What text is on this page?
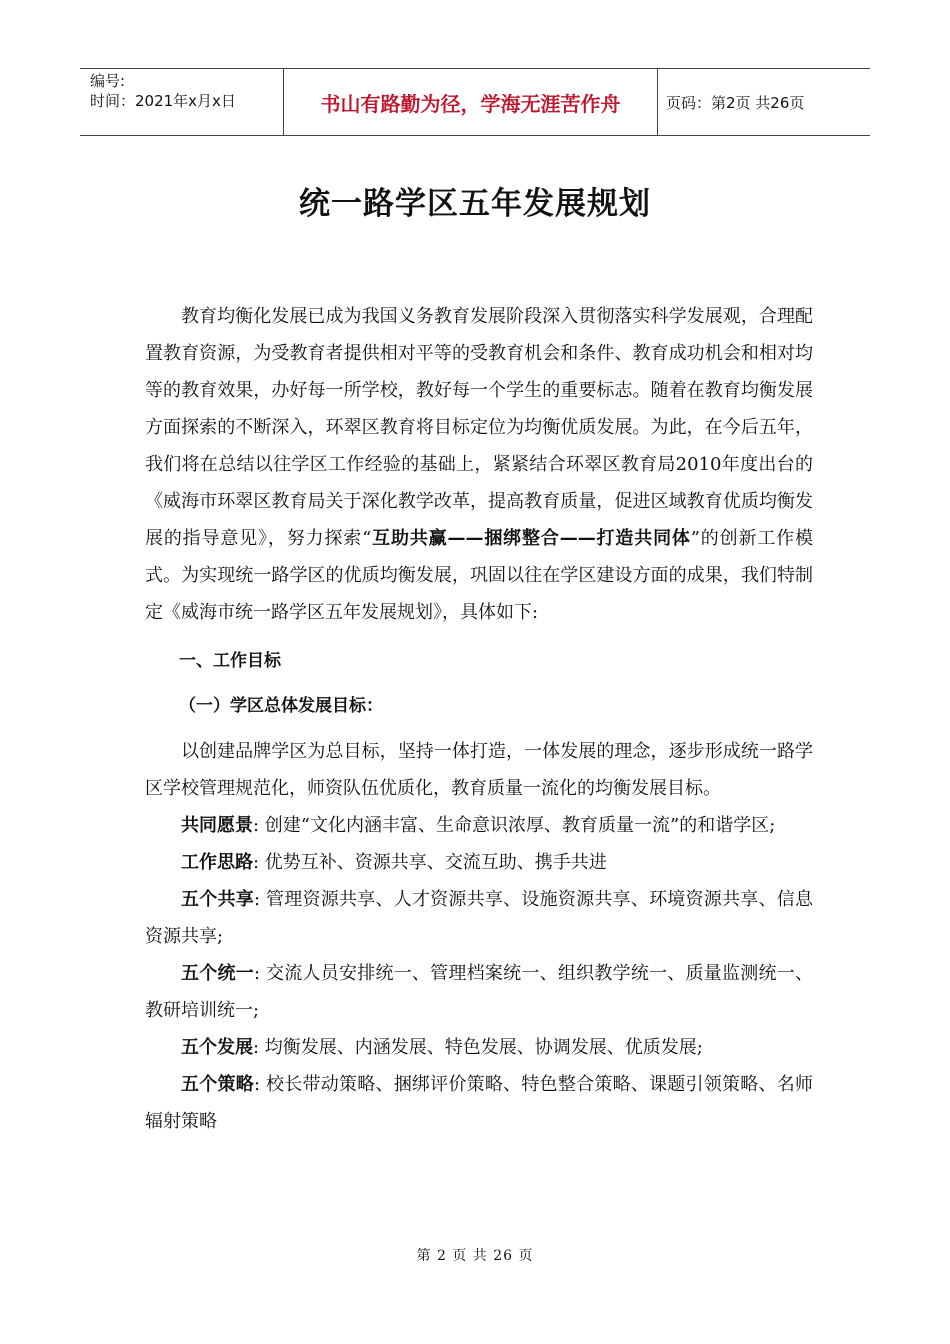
编号:
时间：2021年x月x日	书山有路勤为径，学海无涯苦作舟	页码：第2页 共26页
统一路学区五年发展规划

教育均衡化发展已成为我国义务教育发展阶段深入贯彻落实科学发展观，合理配置教育资源，为受教育者提供相对平等的受教育机会和条件、教育成功机会和相对均等的教育效果，办好每一所学校，教好每一个学生的重要标志。随着在教育均衡发展方面探索的不断深入，环翠区教育将目标定位为均衡优质发展。为此，在今后五年，我们将在总结以往学区工作经验的基础上，紧紧结合环翠区教育局2010年度出台的《威海市环翠区教育局关于深化教学改革，提高教育质量，促进区域教育优质均衡发展的指导意见》，努力探索“互助共赢——捆绑整合——打造共同体”的创新工作模式。为实现统一路学区的优质均衡发展，巩固以往在学区建设方面的成果，我们特制定《威海市统一路学区五年发展规划》，具体如下:

一、工作目标

（一）学区总体发展目标：

以创建品牌学区为总目标，坚持一体打造，一体发展的理念，逐步形成统一路学区学校管理规范化，师资队伍优质化，教育质量一流化的均衡发展目标。

共同愿景: 创建“文化内涵丰富、生命意识浓厚、教育质量一流”的和谐学区;

工作思路: 优势互补、资源共享、交流互助、携手共进

五个共享: 管理资源共享、人才资源共享、设施资源共享、环境资源共享、信息资源共享;

五个统一: 交流人员安排统一、管理档案统一、组织教学统一、质量监测统一、教研培训统一;

五个发展: 均衡发展、内涵发展、特色发展、协调发展、优质发展;

五个策略: 校长带动策略、捆绑评价策略、特色整合策略、课题引领策略、名师辐射策略

第 2 页 共 26 页
